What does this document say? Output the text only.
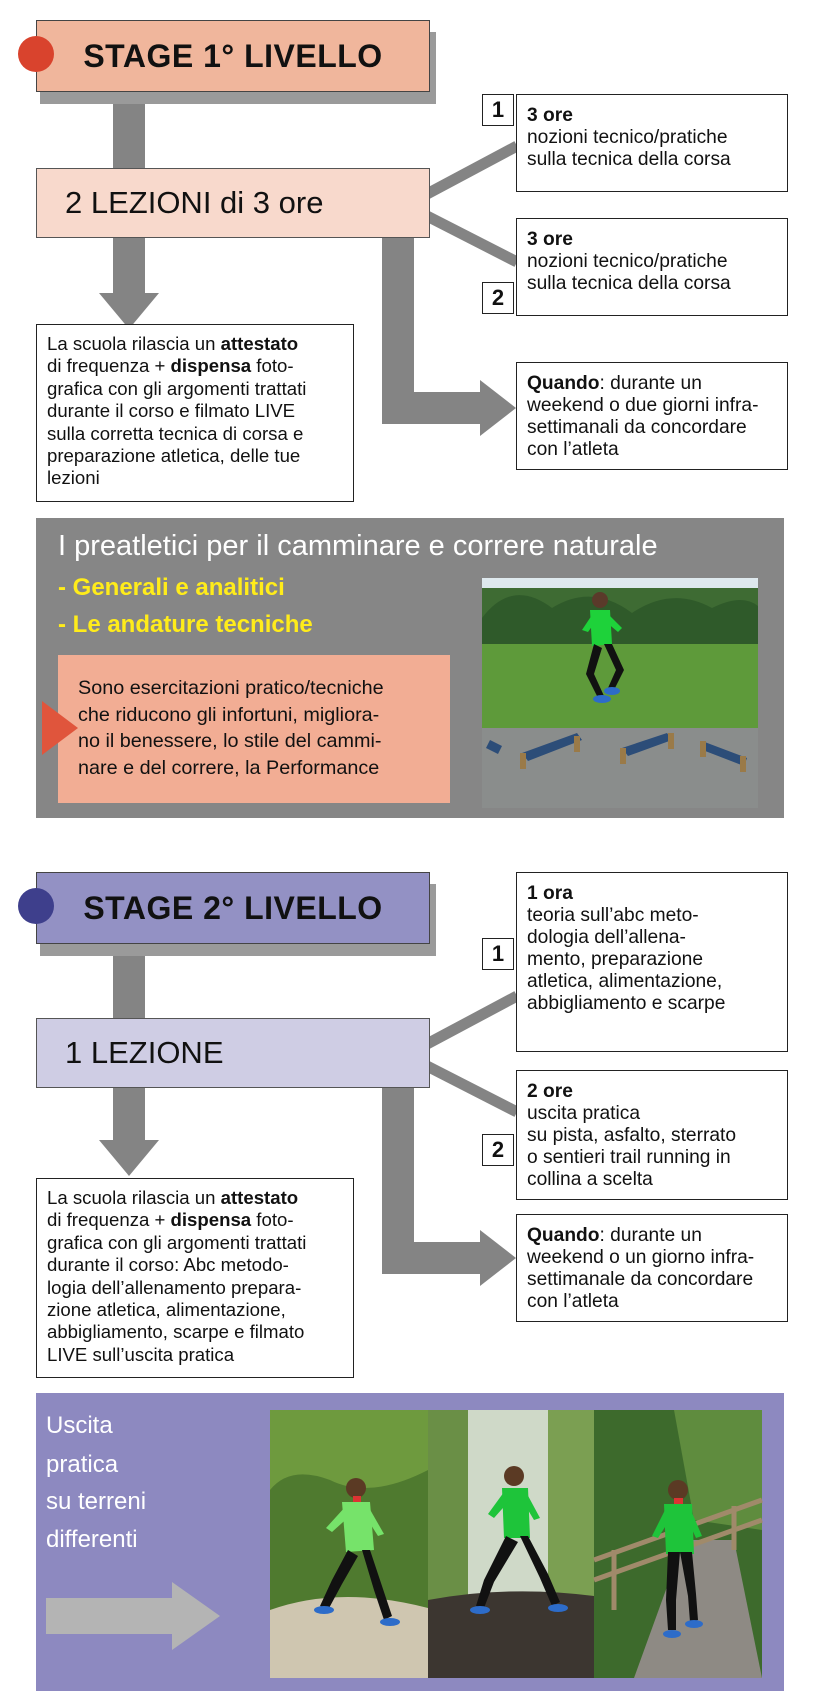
STAGE 1° LIVELLO
2 LEZIONI di 3 ore
3 ore
nozioni tecnico/pratiche
sulla tecnica della corsa
1
3 ore
nozioni tecnico/pratiche
sulla tecnica della corsa
2
Quando: durante un
weekend o due giorni infra-
settimanali da concordare
con l’atleta
La scuola rilascia un attestato
di frequenza + dispensa foto-
grafica con gli argomenti trattati
durante il corso e filmato LIVE
sulla corretta tecnica di corsa e
preparazione atletica, delle tue
lezioni
I preatletici per il camminare e correre naturale
- Generali e analitici
- Le andature tecniche
Sono esercitazioni pratico/tecniche
che riducono gli infortuni, migliora-
no il benessere, lo stile del cammi-
nare e del correre, la Performance
STAGE 2° LIVELLO
1 LEZIONE
1 ora
teoria sull’abc meto-
dologia dell’allena-
mento, preparazione
atletica, alimentazione,
abbigliamento e scarpe
1
2 ore
uscita pratica
su pista, asfalto, sterrato
o sentieri trail running in
collina a scelta
2
Quando: durante un
weekend o un giorno infra-
settimanale da concordare
con l’atleta
La scuola rilascia un attestato
di frequenza + dispensa foto-
grafica con gli argomenti trattati
durante il corso: Abc metodo-
logia dell’allenamento prepara-
zione atletica, alimentazione,
abbigliamento, scarpe e filmato
LIVE sull’uscita pratica
Uscita
pratica
su terreni
differenti
